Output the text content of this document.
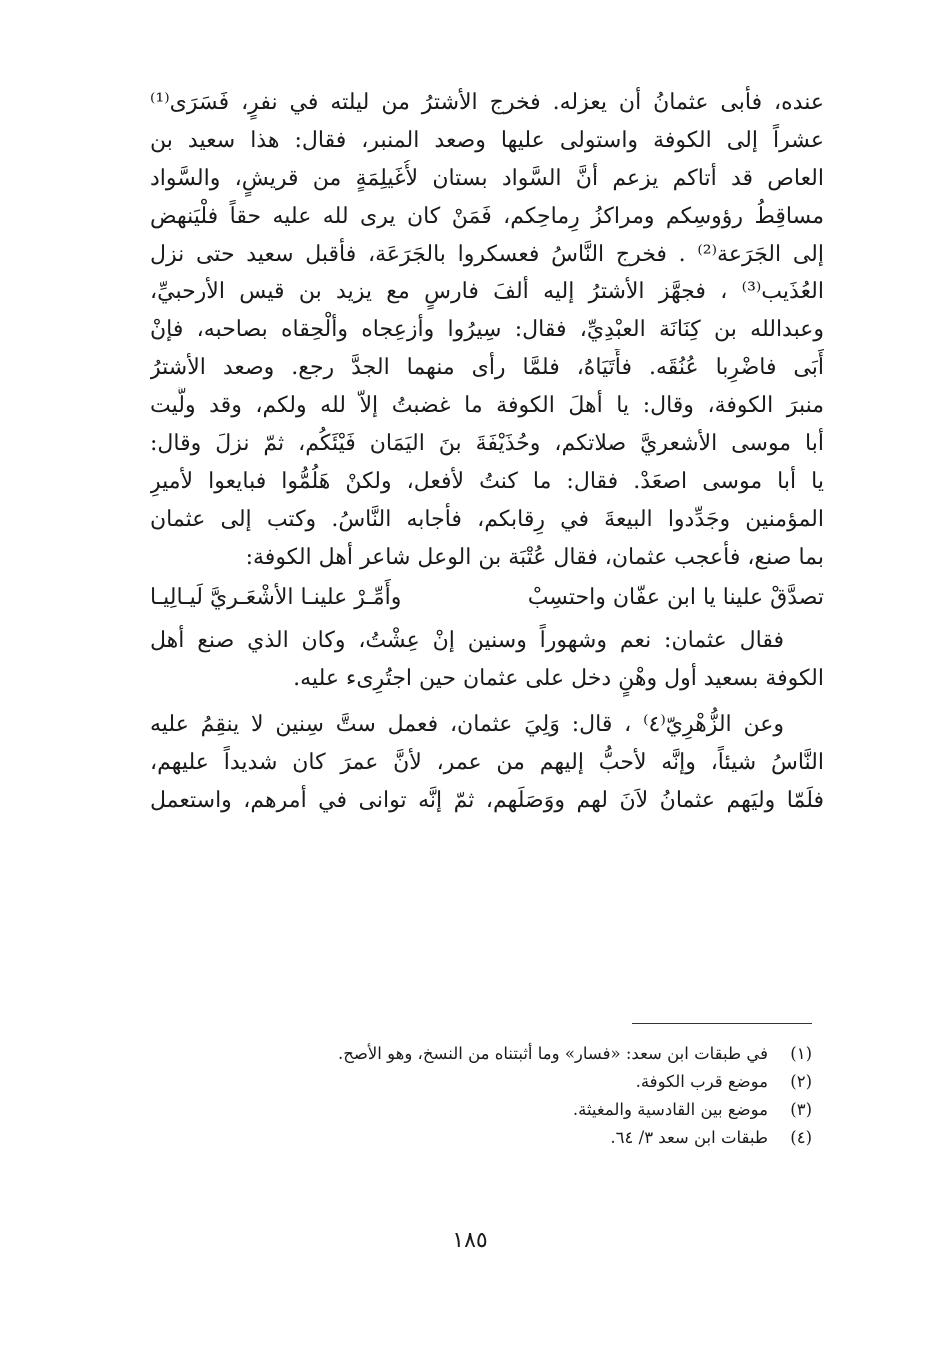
عنده، فأبى عثمانُ أن يعزله. فخرج الأشترُ من ليلته في نفرٍ، فَسَرَى⁽¹⁾
عشراً إلى الكوفة واستولى عليها وصعد المنبر، فقال: هذا سعيد بن
العاص قد أتاكم يزعم أنَّ السَّواد بستان لأُغَيلِمَةٍ من قريشٍ، والسَّواد
مساقِطُ رؤوسِكم ومراكزُ رِماحِكم، فَمَنْ كان يرى لله عليه حقاً فلْيَنهض
إلى الجَرَعة⁽²⁾ . فخرج النَّاسُ فعسكروا بالجَرَعَة، فأقبل سعيد حتى نزل
العُذَيب⁽³⁾ ، فجهَّز الأشترُ إليه ألفَ فارسٍ مع يزيد بن قيس الأرحبيِّ،
وعبدالله بن كِنَانَة العبْدِيِّ، فقال: سِيرُوا وأزعِجاه وألْحِقاه بصاحبه، فإنْ
أَبَى فاضْرِبا عُنُقَه. فأَتَيَاهُ، فلمَّا رأى منهما الجدَّ رجع. وصعد الأشترُ
منبرَ الكوفة، وقال: يا أهلَ الكوفة ما غضبتُ إلاّ لله ولكم، وقد ولَّيت
أبا موسى الأشعريَّ صلاتكم، وحُذَيْفَةَ بنَ اليَمَان فَيْئَكُم، ثمّ نزلَ وقال:
يا أبا موسى اصعَدْ. فقال: ما كنتُ لأفعل، ولكنْ هَلُمُّوا فبايعوا لأميرِ
المؤمنين وجَدِّدوا البيعةَ في رِقابكم، فأجابه النَّاسُ. وكتب إلى عثمان
بما صنع، فأعجب عثمان، فقال عُتْبَة بن الوعل شاعر أهل الكوفة:
تصدَّقْ علينا يا ابن عفّان واحتسِبْ
وأَمِّـرْ علينـا الأشْعَـريَّ لَيـالِيـا
فقال عثمان: نعم وشهوراً وسنين إنْ عِشْتُ، وكان الذي صنع أهل
الكوفة بسعيد أول وهْنٍ دخل على عثمان حين اجتُرِىء عليه.
وعن الزُّهْرِيّ⁽٤⁾ ، قال: وَلِيَ عثمان، فعمل ستَّ سِنين لا ينقِمُ عليه
النَّاسُ شيئاً، وإنَّه لأحبُّ إليهم من عمر، لأنَّ عمرَ كان شديداً عليهم،
فلَمّا وليَهم عثمانُ لاَنَ لهم ووَصَلَهم، ثمّ إنَّه توانى في أمرهم، واستعمل
(١)
في طبقات ابن سعد: «فسار» وما أثبتناه من النسخ، وهو الأصح.
(٢)
موضع قرب الكوفة.
(٣)
موضع بين القادسية والمغيثة.
(٤)
طبقات ابن سعد ٣/ ٦٤.
١٨٥
